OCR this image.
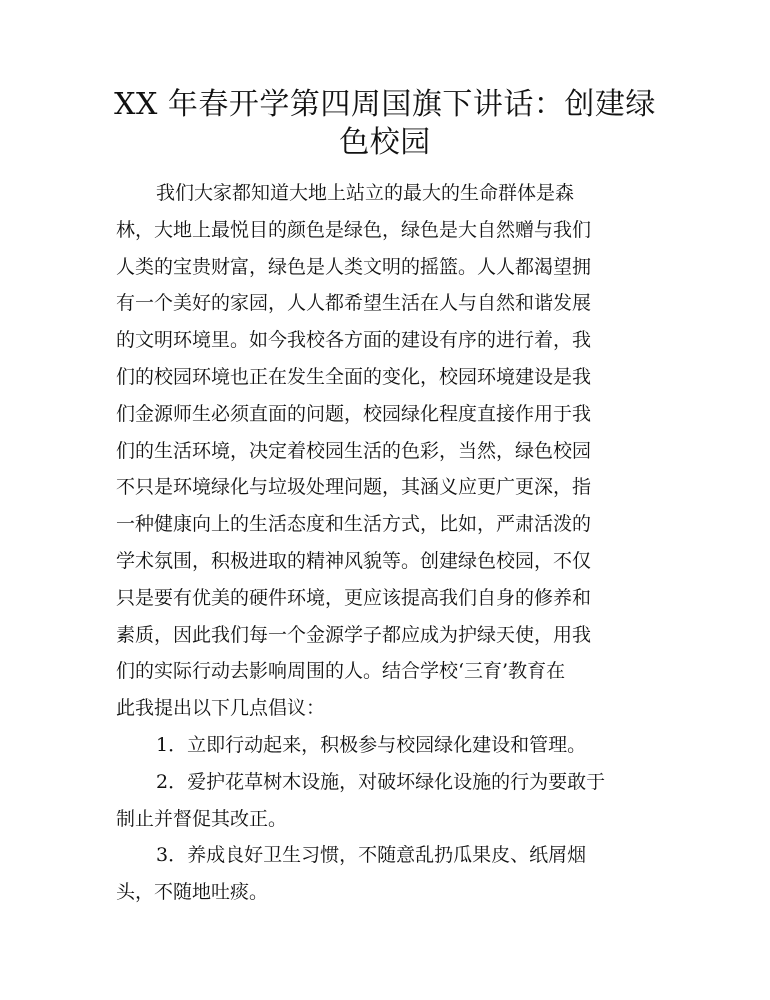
XX 年春开学第四周国旗下讲话：创建绿
色校园
我们大家都知道大地上站立的最大的生命群体是森
林，大地上最悦目的颜色是绿色，绿色是大自然赠与我们
人类的宝贵财富，绿色是人类文明的摇篮。人人都渴望拥
有一个美好的家园，人人都希望生活在人与自然和谐发展
的文明环境里。如今我校各方面的建设有序的进行着，我
们的校园环境也正在发生全面的变化，校园环境建设是我
们金源师生必须直面的问题，校园绿化程度直接作用于我
们的生活环境，决定着校园生活的色彩，当然，绿色校园
不只是环境绿化与垃圾处理问题，其涵义应更广更深，指
一种健康向上的生活态度和生活方式，比如，严肃活泼的
学术氛围，积极进取的精神风貌等。创建绿色校园，不仅
只是要有优美的硬件环境，更应该提高我们自身的修养和
素质，因此我们每一个金源学子都应成为护绿天使，用我
们的实际行动去影响周围的人。结合学校‘三育’教育在
此我提出以下几点倡议：
1．立即行动起来，积极参与校园绿化建设和管理。
2．爱护花草树木设施，对破坏绿化设施的行为要敢于
制止并督促其改正。
3．养成良好卫生习惯，不随意乱扔瓜果皮、纸屑烟
头，不随地吐痰。
